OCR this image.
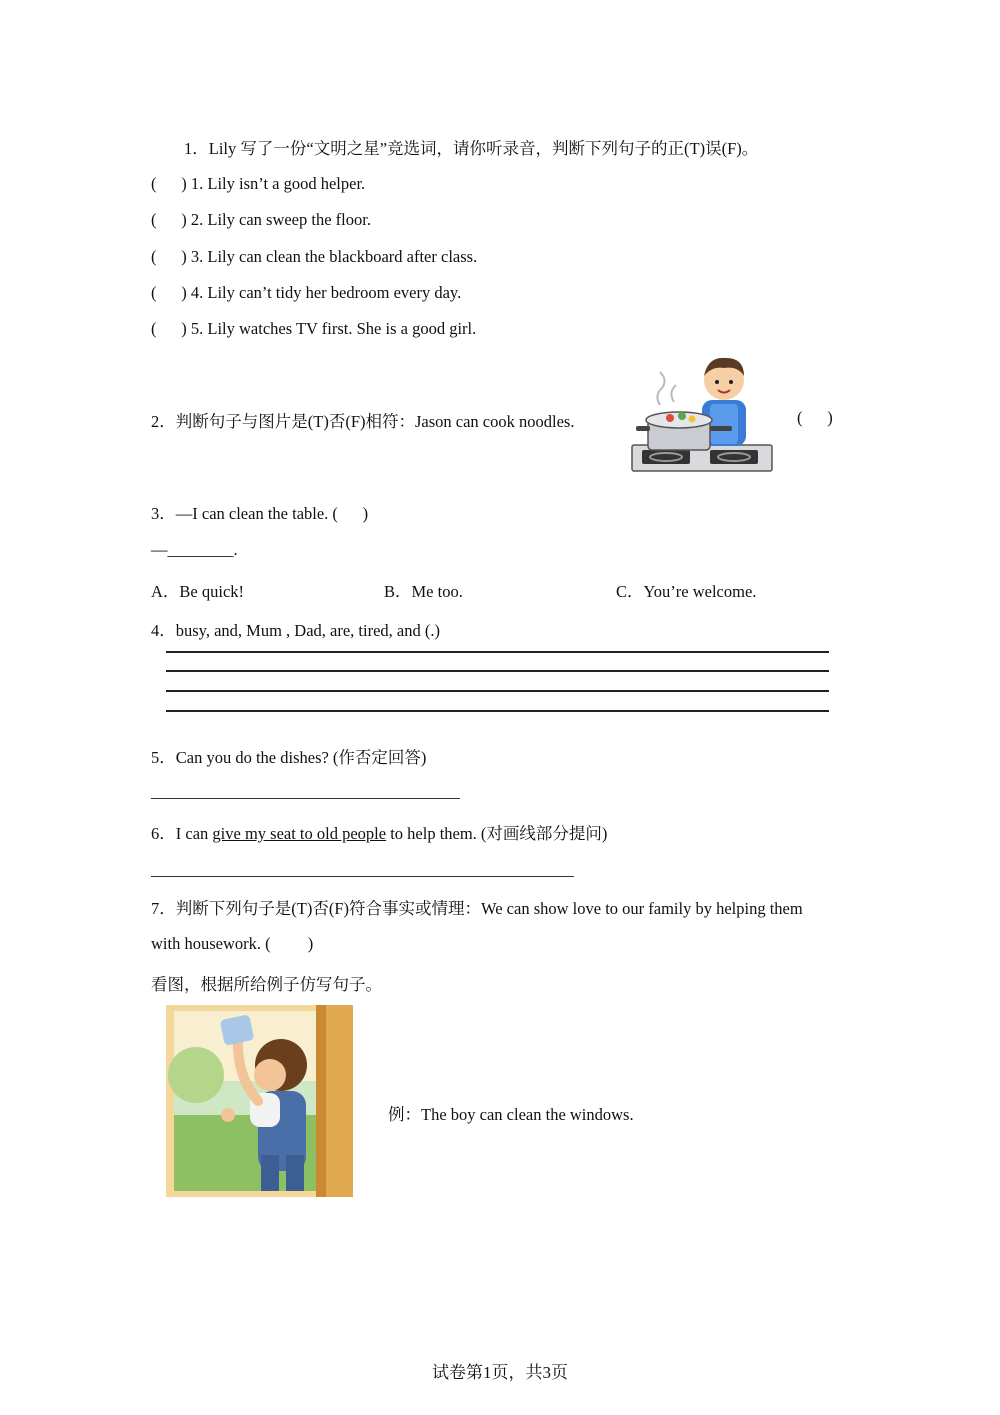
1．Lily 写了一份“文明之星”竞选词，请你听录音，判断下列句子的正(T)误(F)。
(      ) 1. Lily isn’t a good helper.
(      ) 2. Lily can sweep the floor.
(      ) 3. Lily can clean the blackboard after class.
(      ) 4. Lily can’t tidy her bedroom every day.
(      ) 5. Lily watches TV first. She is a good girl.
2．判断句子与图片是(T)否(F)相符：Jason can cook noodles.	(      )
3．—I can clean the table. (      )
—________.
A．Be quick!	B．Me too.	C．You’re welcome.
4．busy, and, Mum , Dad, are, tired, and (.)
5．Can you do the dishes? (作否定回答)
6．I can give my seat to old people to help them. (对画线部分提问)
7．判断下列句子是(T)否(F)符合事实或情理：We can show love to our family by helping them
with housework. (         )
看图，根据所给例子仿写句子。
例：The boy can clean the windows.
试卷第1页，共3页
